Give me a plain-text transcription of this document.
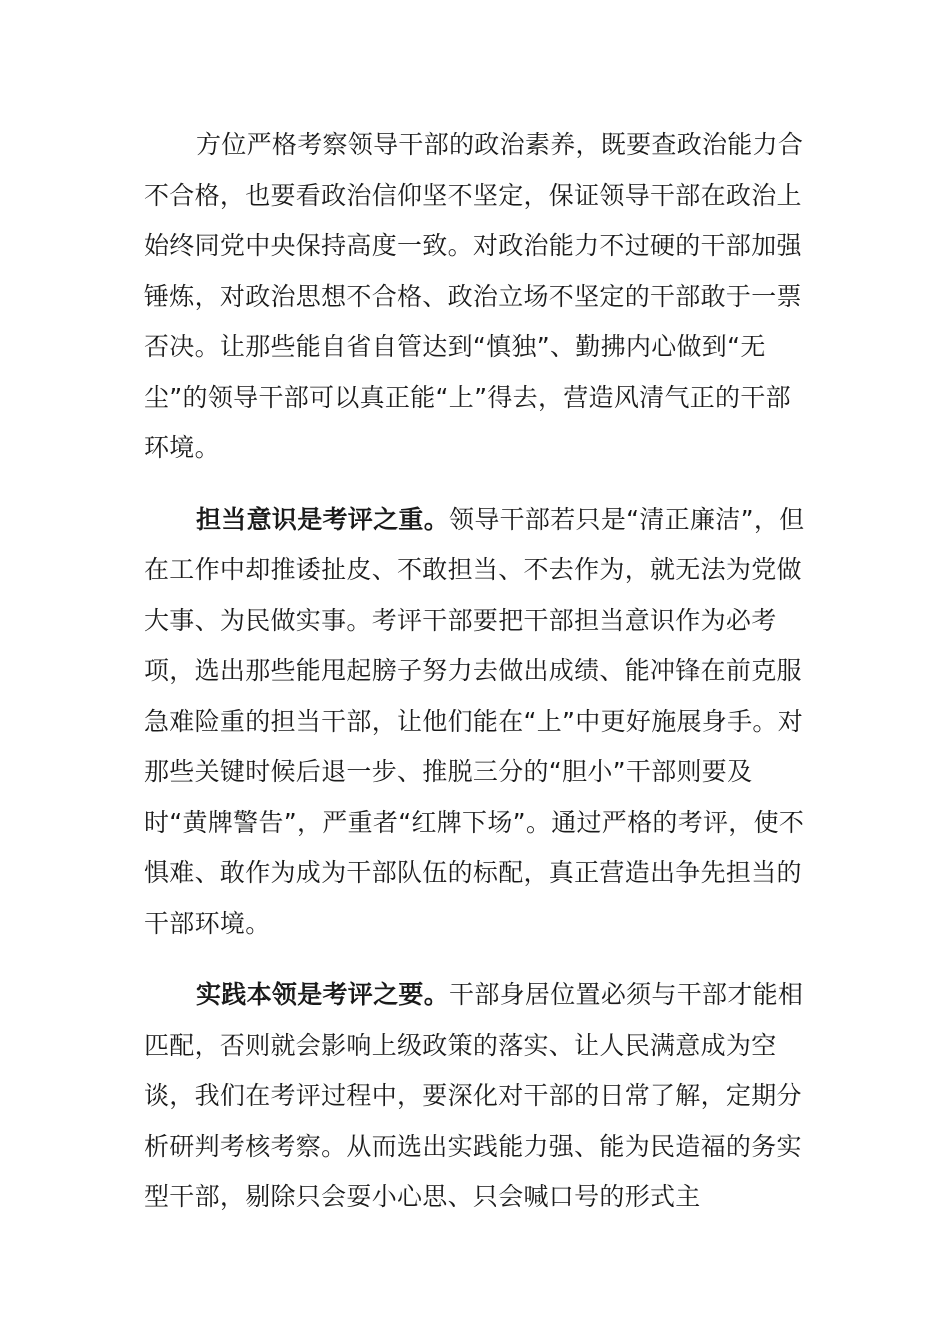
方位严格考察领导干部的政治素养，既要查政治能力合不合格，也要看政治信仰坚不坚定，保证领导干部在政治上始终同党中央保持高度一致。对政治能力不过硬的干部加强锤炼，对政治思想不合格、政治立场不坚定的干部敢于一票否决。让那些能自省自管达到“慎独”、勤拂内心做到“无尘”的领导干部可以真正能“上”得去，营造风清气正的干部环境。

担当意识是考评之重。领导干部若只是“清正廉洁”，但在工作中却推诿扯皮、不敢担当、不去作为，就无法为党做大事、为民做实事。考评干部要把干部担当意识作为必考项，选出那些能甩起膀子努力去做出成绩、能冲锋在前克服急难险重的担当干部，让他们能在“上”中更好施展身手。对那些关键时候后退一步、推脱三分的“胆小”干部则要及时“黄牌警告”，严重者“红牌下场”。通过严格的考评，使不惧难、敢作为成为干部队伍的标配，真正营造出争先担当的干部环境。

实践本领是考评之要。干部身居位置必须与干部才能相匹配，否则就会影响上级政策的落实、让人民满意成为空谈，我们在考评过程中，要深化对干部的日常了解，定期分析研判考核考察。从而选出实践能力强、能为民造福的务实型干部，剔除只会耍小心思、只会喊口号的形式主
